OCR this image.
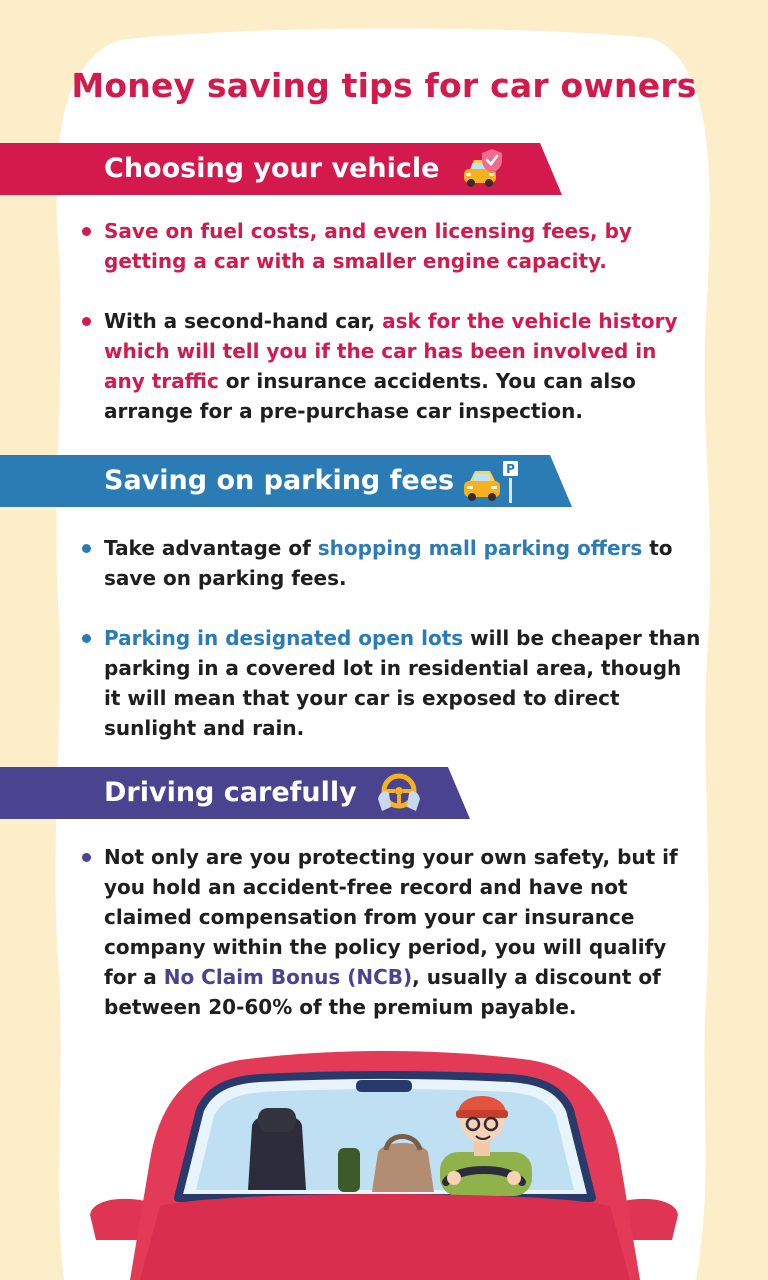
Money saving tips for car owners
Choosing your vehicle
Save on fuel costs, and even licensing fees, by getting a car with a smaller engine capacity.
With a second-hand car, ask for the vehicle history which will tell you if the car has been involved in any traffic or insurance accidents. You can also arrange for a pre-purchase car inspection.
Saving on parking fees	P
Take advantage of shopping mall parking offers to save on parking fees.
Parking in designated open lots will be cheaper than parking in a covered lot in residential area, though it will mean that your car is exposed to direct sunlight and rain.
Driving carefully
Not only are you protecting your own safety, but if you hold an accident-free record and have not claimed compensation from your car insurance company within the policy period, you will qualify for a No Claim Bonus (NCB), usually a discount of between 20-60% of the premium payable.
